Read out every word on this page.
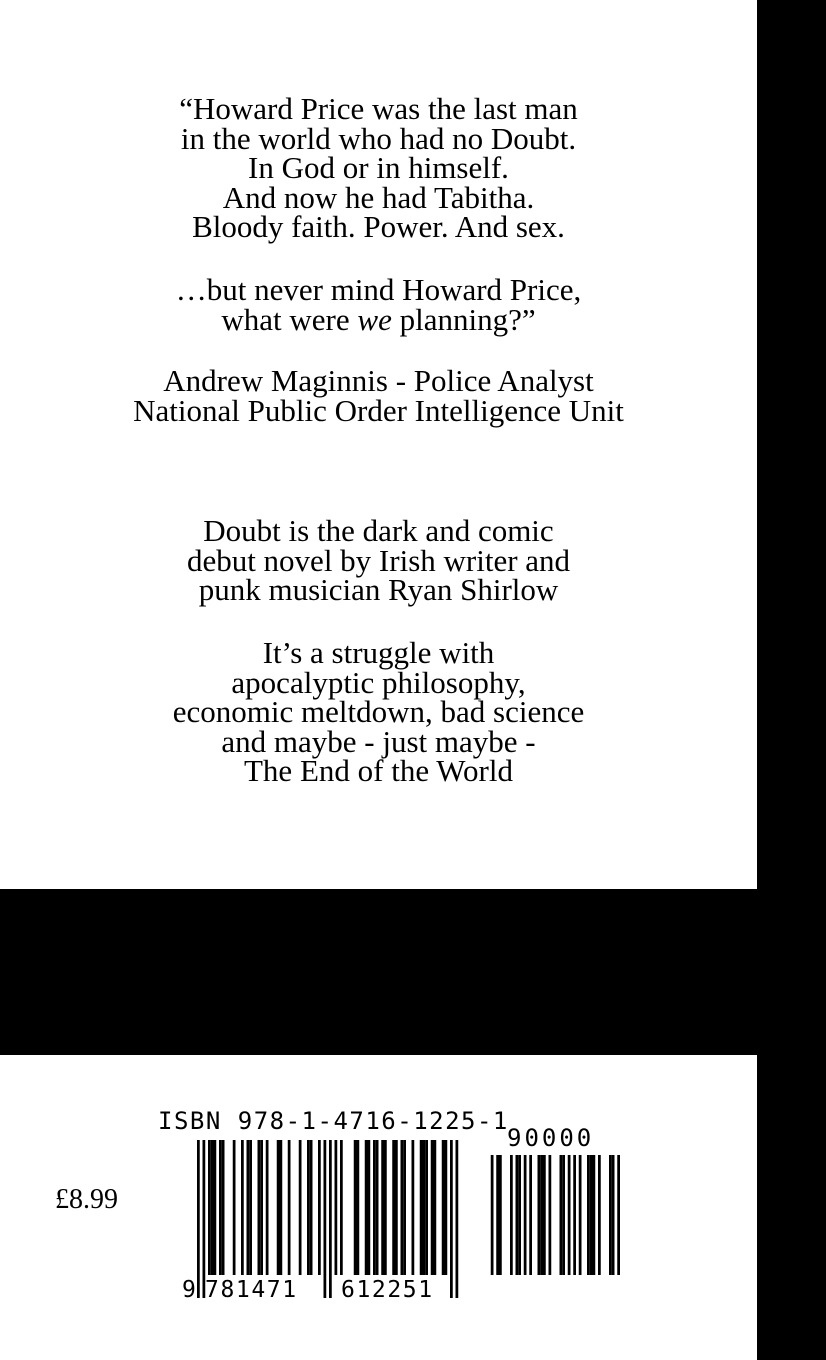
“Howard Price was the last man
in the world who had no Doubt.
In God or in himself.
And now he had Tabitha.
Bloody faith. Power. And sex.
…but never mind Howard Price,
what were we planning?”
Andrew Maginnis - Police Analyst
National Public Order Intelligence Unit
Doubt is the dark and comic
debut novel by Irish writer and
punk musician Ryan Shirlow
It’s a struggle with
apocalyptic philosophy,
economic meltdown, bad science
and maybe - just maybe -
The End of the World
£8.99
ISBN 978-1-4716-1225-1
90000
9 781471 612251
